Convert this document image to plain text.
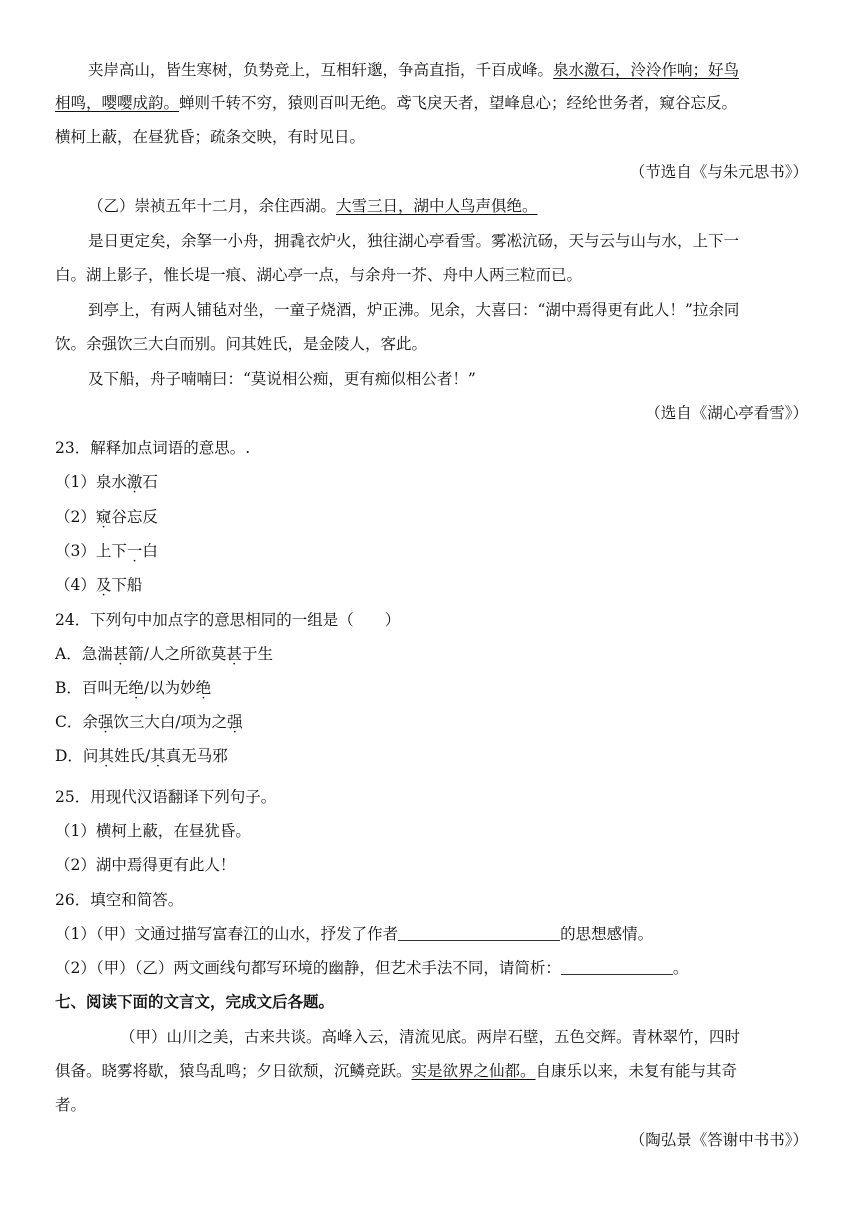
夹岸高山，皆生寒树，负势竞上，互相轩邈，争高直指，千百成峰。泉水激石，泠泠作响；好鸟
相鸣，嘤嘤成韵。蝉则千转不穷，猿则百叫无绝。鸢飞戾天者，望峰息心；经纶世务者，窥谷忘反。
横柯上蔽，在昼犹昏；疏条交映，有时见日。
（节选自《与朱元思书》）
（乙）崇祯五年十二月，余住西湖。大雪三日，湖中人鸟声俱绝。
是日更定矣，余拏一小舟，拥毳衣炉火，独往湖心亭看雪。雾凇沆砀，天与云与山与水，上下一
白。湖上影子，惟长堤一痕、湖心亭一点，与余舟一芥、舟中人两三粒而已。
到亭上，有两人铺毡对坐，一童子烧酒，炉正沸。见余，大喜曰：“湖中焉得更有此人！”拉余同
饮。余强饮三大白而别。问其姓氏，是金陵人，客此。
及下船，舟子喃喃曰：“莫说相公痴，更有痴似相公者！”
（选自《湖心亭看雪》）
23．解释加点词语的意思。.
（1）泉水激石
（2）窥谷忘反
（3）上下一白
（4）及下船
24．下列句中加点字的意思相同的一组是（　　）
A．急湍甚箭/人之所欲莫甚于生
B．百叫无绝/以为妙绝
C．余强饮三大白/项为之强
D．问其姓氏/其真无马邪
25．用现代汉语翻译下列句子。
（1）横柯上蔽，在昼犹昏。
（2）湖中焉得更有此人！
26．填空和简答。
（1）（甲）文通过描写富春江的山水，抒发了作者	的思想感情。
（2）（甲）（乙）两文画线句都写环境的幽静，但艺术手法不同，请简析：	。
七、阅读下面的文言文，完成文后各题。
（甲）山川之美，古来共谈。高峰入云，清流见底。两岸石壁，五色交辉。青林翠竹，四时
俱备。晓雾将歇，猿鸟乱鸣；夕日欲颓，沉鳞竞跃。实是欲界之仙都。自康乐以来，未复有能与其奇
者。
（陶弘景《答谢中书书》）
